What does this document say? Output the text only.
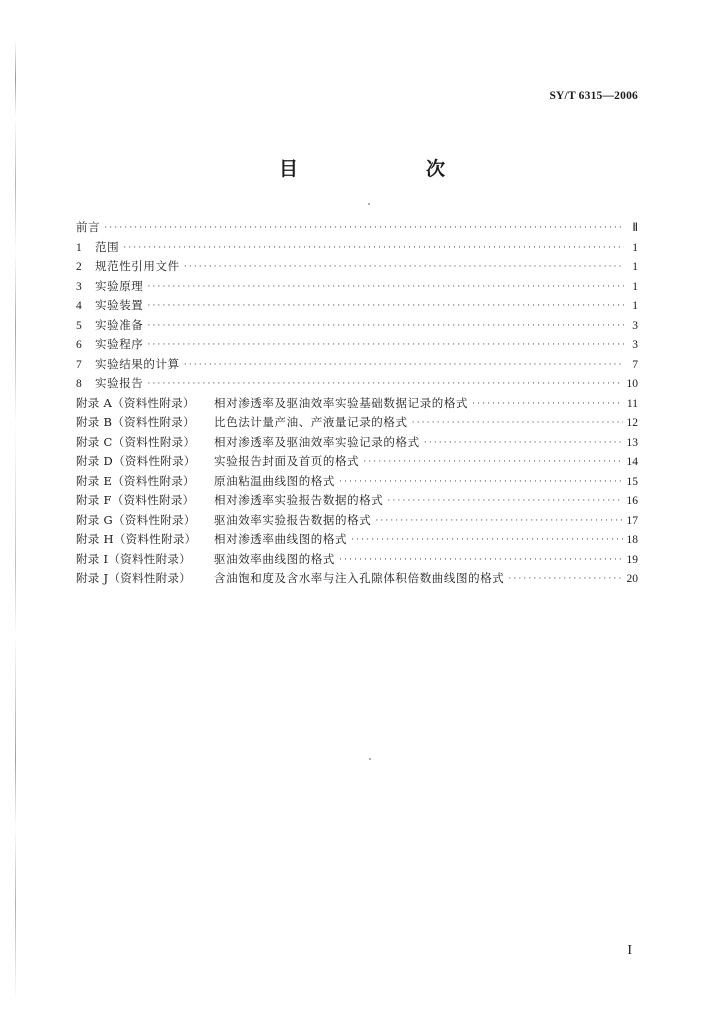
SY/T 6315—2006
目　　次
前言 ·····	Ⅱ
1	范围 ·····	1
2	规范性引用文件 ·····	1
3	实验原理 ·····	1
4	实验装置 ·····	1
5	实验准备 ·····	3
6	实验程序 ·····	3
7	实验结果的计算 ·····	7
8	实验报告 ·····	10
附录 A（资料性附录）	相对渗透率及驱油效率实验基础数据记录的格式 ·····	11
附录 B（资料性附录）	比色法计量产油、产液量记录的格式 ·····	12
附录 C（资料性附录）	相对渗透率及驱油效率实验记录的格式 ·····	13
附录 D（资料性附录）	实验报告封面及首页的格式 ·····	14
附录 E（资料性附录）	原油粘温曲线图的格式 ·····	15
附录 F（资料性附录）	相对渗透率实验报告数据的格式 ·····	16
附录 G（资料性附录）	驱油效率实验报告数据的格式 ·····	17
附录 H（资料性附录）	相对渗透率曲线图的格式 ·····	18
附录 I（资料性附录）	驱油效率曲线图的格式 ·····	19
附录 J（资料性附录）	含油饱和度及含水率与注入孔隙体积倍数曲线图的格式 ·····	20
I
